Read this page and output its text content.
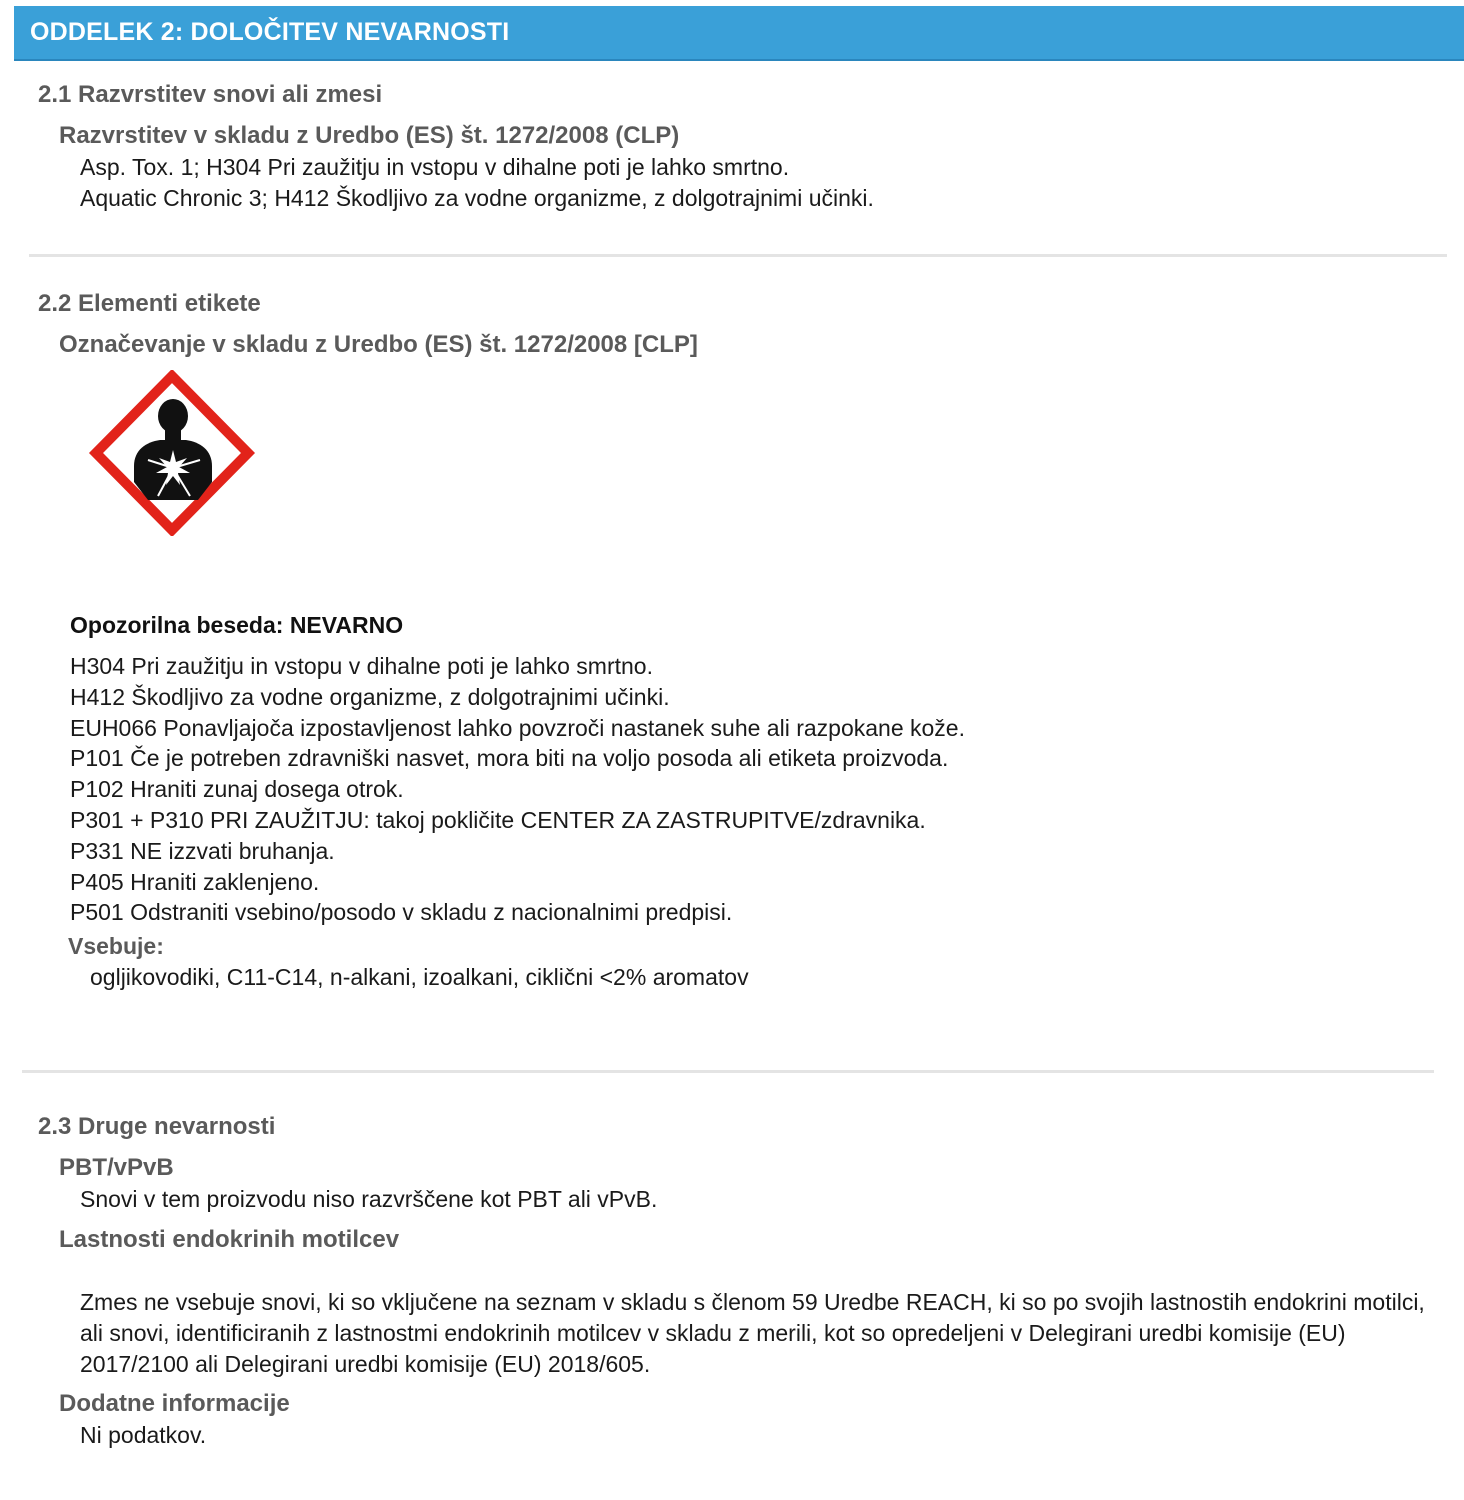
ODDELEK 2: DOLOČITEV NEVARNOSTI
2.1 Razvrstitev snovi ali zmesi
Razvrstitev v skladu z Uredbo (ES) št. 1272/2008 (CLP)
Asp. Tox. 1; H304 Pri zaužitju in vstopu v dihalne poti je lahko smrtno.
Aquatic Chronic 3; H412 Škodljivo za vodne organizme, z dolgotrajnimi učinki.
2.2 Elementi etikete
Označevanje v skladu z Uredbo (ES) št. 1272/2008 [CLP]
Opozorilna beseda: NEVARNO
H304 Pri zaužitju in vstopu v dihalne poti je lahko smrtno.
H412 Škodljivo za vodne organizme, z dolgotrajnimi učinki.
EUH066 Ponavljajoča izpostavljenost lahko povzroči nastanek suhe ali razpokane kože.
P101 Če je potreben zdravniški nasvet, mora biti na voljo posoda ali etiketa proizvoda.
P102 Hraniti zunaj dosega otrok.
P301 + P310 PRI ZAUŽITJU: takoj pokličite CENTER ZA ZASTRUPITVE/zdravnika.
P331 NE izzvati bruhanja.
P405 Hraniti zaklenjeno.
P501 Odstraniti vsebino/posodo v skladu z nacionalnimi predpisi.
Vsebuje:
ogljikovodiki, C11-C14, n-alkani, izoalkani, ciklični <2% aromatov
2.3 Druge nevarnosti
PBT/vPvB
Snovi v tem proizvodu niso razvrščene kot PBT ali vPvB.
Lastnosti endokrinih motilcev
Zmes ne vsebuje snovi, ki so vključene na seznam v skladu s členom 59 Uredbe REACH, ki so po svojih lastnostih endokrini motilci, ali snovi, identificiranih z lastnostmi endokrinih motilcev v skladu z merili, kot so opredeljeni v Delegirani uredbi komisije (EU) 2017/2100 ali Delegirani uredbi komisije (EU) 2018/605.
Dodatne informacije
Ni podatkov.
